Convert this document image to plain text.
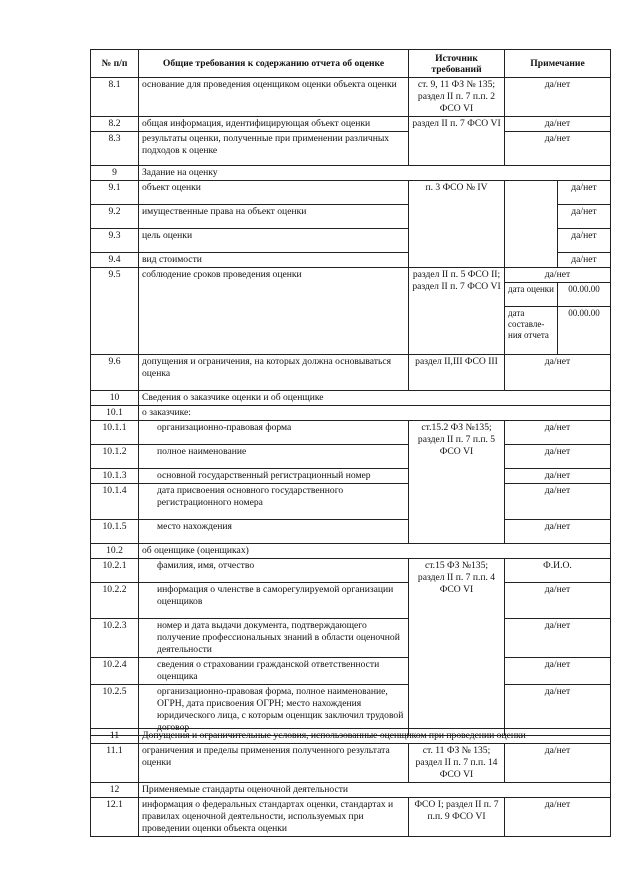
№ п/п	Общие требования к содержанию отчета об оценке	Источник требований	Примечание	
8.1	основание для проведения оценщиком оценки объекта оценки	ст. 9, 11 ФЗ № 135; раздел II п. 7 п.п. 2 ФСО VI	да/нет	
8.2	общая информация, идентифицирующая объект оценки	раздел II п. 7 ФСО VI	да/нет	
8.3	результаты оценки, полученные при применении различных подходов к оценке		да/нет	
9	Задание на оценку			
9.1	объект оценки	п. 3 ФСО № IV		да/нет
9.2	имущественные права на объект оценки			да/нет
9.3	цель оценки			да/нет
9.4	вид стоимости			да/нет
9.5	соблюдение сроков проведения оценки	раздел II п. 5 ФСО II; раздел II п. 7 ФСО VI	да/нет	
			дата оценки	00.00.00
			дата составле-ния отчета	00.00.00
9.6	допущения и ограничения, на которых должна основываться оценка	раздел II,III ФСО III	да/нет	
10	Сведения о заказчике оценки и об оценщике			
10.1	о заказчике:			
10.1.1	организационно-правовая форма	ст.15.2 ФЗ №135; раздел II п. 7 п.п. 5 ФСО VI	да/нет	
10.1.2	полное наименование		да/нет	
10.1.3	основной государственный регистрационный номер		да/нет	
10.1.4	дата присвоения основного государственного регистрационного номера		да/нет	
10.1.5	место нахождения		да/нет	
10.2	об оценщике (оценщиках)			
10.2.1	фамилия, имя, отчество	ст.15 ФЗ №135; раздел II п. 7 п.п. 4 ФСО VI	Ф.И.О.	
10.2.2	информация о членстве в саморегулируемой организации оценщиков		да/нет	
10.2.3	номер и дата выдачи документа, подтверждающего получение профессиональных знаний в области оценочной деятельности		да/нет	
10.2.4	сведения о страховании гражданской ответственности оценщика		да/нет	
10.2.5	организационно-правовая форма, полное наименование, ОГРН, дата присвоения ОГРН; место нахождения юридического лица, с которым оценщик заключил трудовой договор		да/нет	
11	Допущения и ограничительные условия, использованные оценщиком при проведении оценки		
11.1	ограничения и пределы применения полученного результата оценки	ст. 11 ФЗ № 135; раздел II п. 7 п.п. 14 ФСО VI	да/нет
12	Применяемые стандарты оценочной деятельности		
12.1	информация о федеральных стандартах оценки, стандартах и правилах оценочной деятельности, используемых при проведении оценки объекта оценки	ФСО I; раздел II п. 7 п.п. 9 ФСО VI	да/нет
